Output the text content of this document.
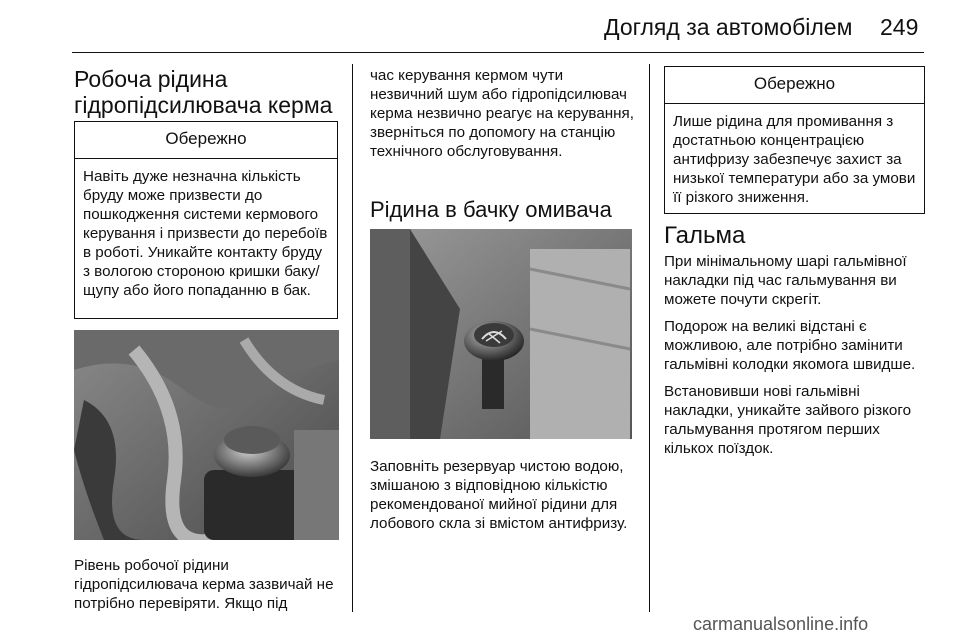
Догляд за автомобілем 249

Робоча рідина гідропідсилювача керма

Обережно
Навіть дуже незначна кількість бруду може призвести до пошкодження системи кермового керування і призвести до перебоїв в роботі. Уникайте контакту бруду з вологою стороною кришки баку/щупу або його попаданню в бак.

Рівень робочої рідини гідропідсилювача керма зазвичай не потрібно перевіряти. Якщо під

час керування кермом чути незвичний шум або гідропідсилювач керма незвичнo реагує на керування, зверніться по допомогу на станцію технічного обслуговування.

Рідина в бачку омивача

Заповніть резервуар чистою водою, змішаною з відповідною кількістю рекомендованої мийної рідини для лобового скла зі вмістом антифризу.

Обережно
Лише рідина для промивання з достатньою концентрацією антифризу забезпечує захист за низької температури або за умови її різкого зниження.

Гальма

При мінімальному шарі гальмівної накладки під час гальмування ви можете почути скрегіт.

Подорож на великі відстані є можливою, але потрібно замінити гальмівні колодки якомога швидше.

Встановивши нові гальмівні накладки, уникайте зайвого різкого гальмування протягом перших кількох поїздок.

carmanualsonline.info
